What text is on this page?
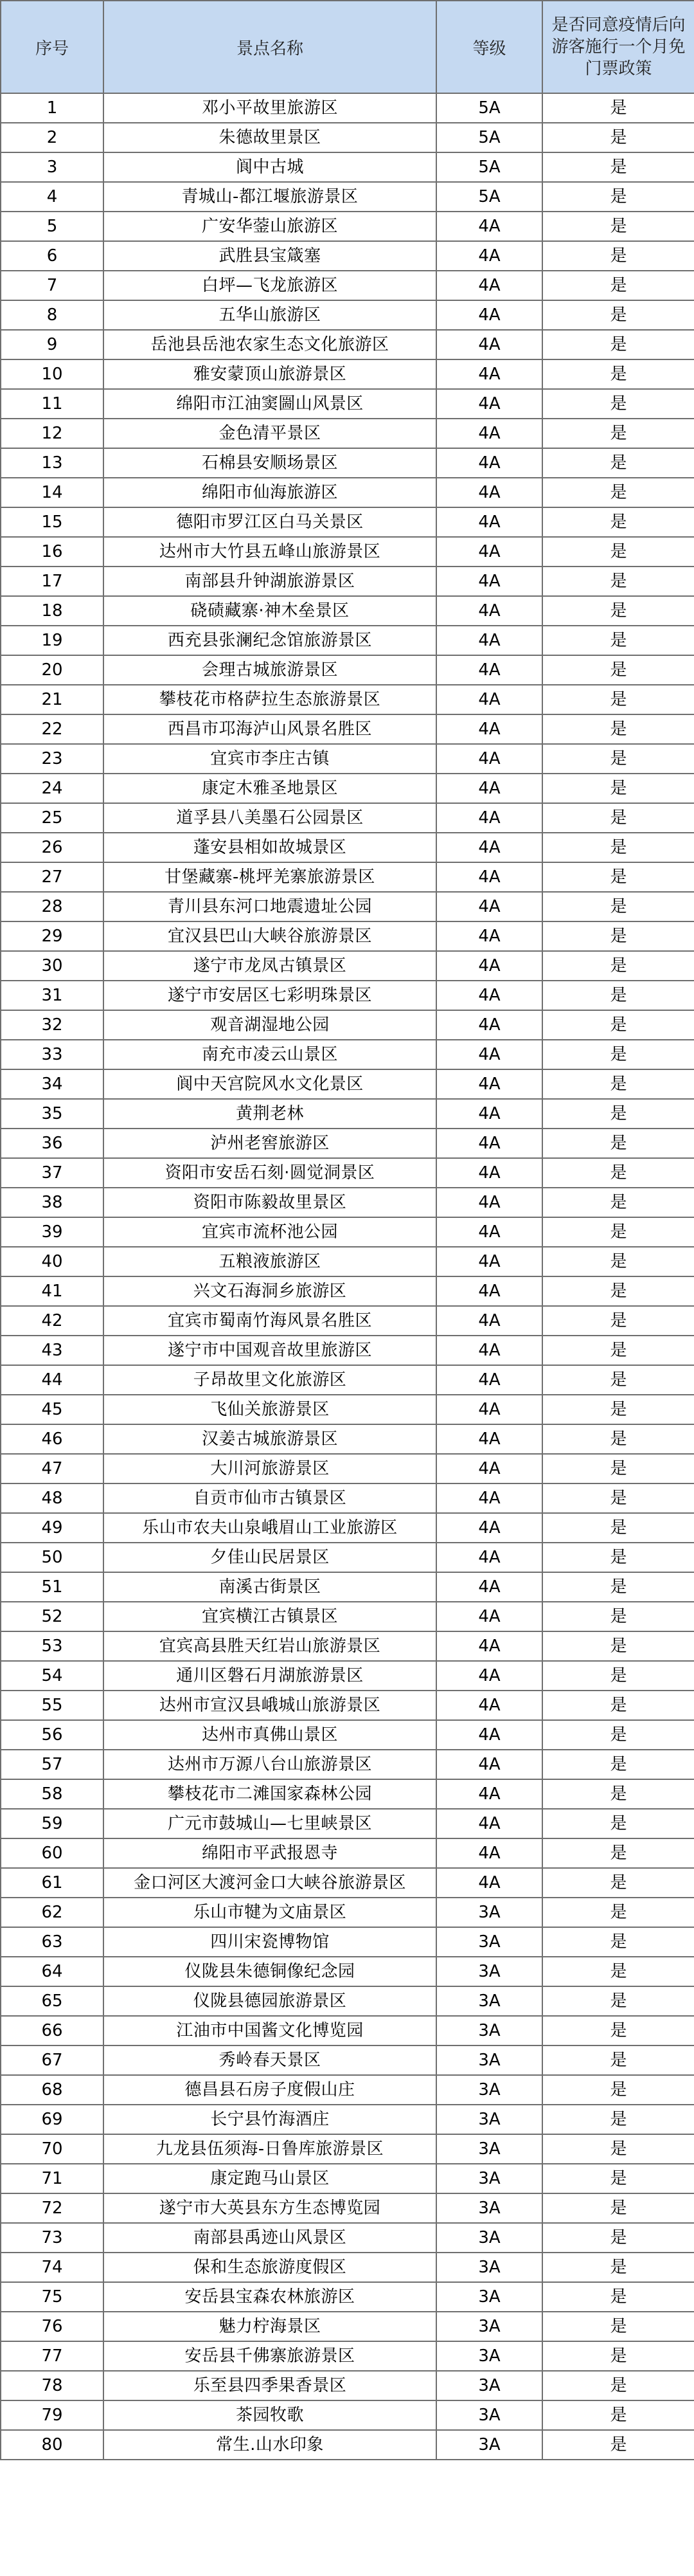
序号	景点名称	等级	是否同意疫情后向游客施行一个月免门票政策
1	邓小平故里旅游区	5A	是
2	朱德故里景区	5A	是
3	阆中古城	5A	是
4	青城山-都江堰旅游景区	5A	是
5	广安华蓥山旅游区	4A	是
6	武胜县宝箴塞	4A	是
7	白坪—飞龙旅游区	4A	是
8	五华山旅游区	4A	是
9	岳池县岳池农家生态文化旅游区	4A	是
10	雅安蒙顶山旅游景区	4A	是
11	绵阳市江油窦圌山风景区	4A	是
12	金色清平景区	4A	是
13	石棉县安顺场景区	4A	是
14	绵阳市仙海旅游区	4A	是
15	德阳市罗江区白马关景区	4A	是
16	达州市大竹县五峰山旅游景区	4A	是
17	南部县升钟湖旅游景区	4A	是
18	硗碛藏寨·神木垒景区	4A	是
19	西充县张澜纪念馆旅游景区	4A	是
20	会理古城旅游景区	4A	是
21	攀枝花市格萨拉生态旅游景区	4A	是
22	西昌市邛海泸山风景名胜区	4A	是
23	宜宾市李庄古镇	4A	是
24	康定木雅圣地景区	4A	是
25	道孚县八美墨石公园景区	4A	是
26	蓬安县相如故城景区	4A	是
27	甘堡藏寨-桃坪羌寨旅游景区	4A	是
28	青川县东河口地震遗址公园	4A	是
29	宜汉县巴山大峡谷旅游景区	4A	是
30	遂宁市龙凤古镇景区	4A	是
31	遂宁市安居区七彩明珠景区	4A	是
32	观音湖湿地公园	4A	是
33	南充市凌云山景区	4A	是
34	阆中天宫院风水文化景区	4A	是
35	黄荆老林	4A	是
36	泸州老窖旅游区	4A	是
37	资阳市安岳石刻·圆觉洞景区	4A	是
38	资阳市陈毅故里景区	4A	是
39	宜宾市流杯池公园	4A	是
40	五粮液旅游区	4A	是
41	兴文石海洞乡旅游区	4A	是
42	宜宾市蜀南竹海风景名胜区	4A	是
43	遂宁市中国观音故里旅游区	4A	是
44	子昂故里文化旅游区	4A	是
45	飞仙关旅游景区	4A	是
46	汉姜古城旅游景区	4A	是
47	大川河旅游景区	4A	是
48	自贡市仙市古镇景区	4A	是
49	乐山市农夫山泉峨眉山工业旅游区	4A	是
50	夕佳山民居景区	4A	是
51	南溪古街景区	4A	是
52	宜宾横江古镇景区	4A	是
53	宜宾高县胜天红岩山旅游景区	4A	是
54	通川区磐石月湖旅游景区	4A	是
55	达州市宣汉县峨城山旅游景区	4A	是
56	达州市真佛山景区	4A	是
57	达州市万源八台山旅游景区	4A	是
58	攀枝花市二滩国家森林公园	4A	是
59	广元市鼓城山—七里峡景区	4A	是
60	绵阳市平武报恩寺	4A	是
61	金口河区大渡河金口大峡谷旅游景区	4A	是
62	乐山市犍为文庙景区	3A	是
63	四川宋瓷博物馆	3A	是
64	仪陇县朱德铜像纪念园	3A	是
65	仪陇县德园旅游景区	3A	是
66	江油市中国酱文化博览园	3A	是
67	秀岭春天景区	3A	是
68	德昌县石房子度假山庄	3A	是
69	长宁县竹海酒庄	3A	是
70	九龙县伍须海-日鲁库旅游景区	3A	是
71	康定跑马山景区	3A	是
72	遂宁市大英县东方生态博览园	3A	是
73	南部县禹迹山风景区	3A	是
74	保和生态旅游度假区	3A	是
75	安岳县宝森农林旅游区	3A	是
76	魅力柠海景区	3A	是
77	安岳县千佛寨旅游景区	3A	是
78	乐至县四季果香景区	3A	是
79	茶园牧歌	3A	是
80	常生.山水印象	3A	是
